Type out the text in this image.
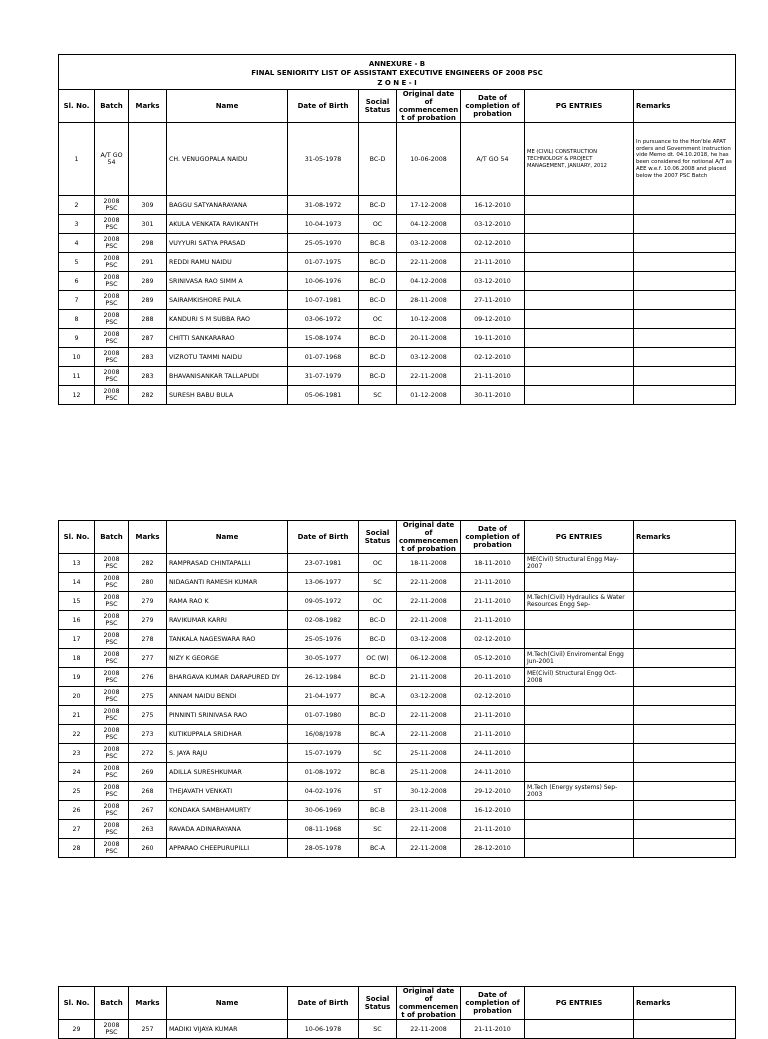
ANNEXURE - B
FINAL SENIORITY LIST OF ASSISTANT EXECUTIVE ENGINEERS OF 2008 PSC
Z O N E - I									

Sl. No.	Batch	Marks	Name	Date of Birth	Social Status	Original date of commencemen t of probation	Date of completion of probation	PG ENTRIES	Remarks
1	A/T GO 54		CH. VENUGOPALA NAIDU	31-05-1978	BC-D	10-06-2008	A/T GO 54	ME (CIVIL) CONSTRUCTION TECHNOLOGY & PROJECT MANAGEMENT, JANUARY, 2012	In pursuance to the Hon'ble APAT orders and Government instruction vide Memo dt. 04.10.2018, he has been considered for notional A/T as AEE w.e.f. 10.06.2008 and placed below the 2007 PSC Batch
2	2008 PSC	309	BAGGU SATYANARAYANA	31-08-1972	BC-D	17-12-2008	16-12-2010		
3	2008 PSC	301	AKULA VENKATA RAVIKANTH	10-04-1973	OC	04-12-2008	03-12-2010		
4	2008 PSC	298	VUYYURI SATYA PRASAD	25-05-1970	BC-B	03-12-2008	02-12-2010		
5	2008 PSC	291	REDDI RAMU NAIDU	01-07-1975	BC-D	22-11-2008	21-11-2010		
6	2008 PSC	289	SRINIVASA RAO SIMM A	10-06-1976	BC-D	04-12-2008	03-12-2010		
7	2008 PSC	289	SAIRAMKISHORE PAILA	10-07-1981	BC-D	28-11-2008	27-11-2010		
8	2008 PSC	288	KANDURI S M SUBBA RAO	03-06-1972	OC	10-12-2008	09-12-2010		
9	2008 PSC	287	CHITTI SANKARARAO	15-08-1974	BC-D	20-11-2008	19-11-2010		
10	2008 PSC	283	VIZROTU TAMMI NAIDU	01-07-1968	BC-D	03-12-2008	02-12-2010		
11	2008 PSC	283	BHAVANISANKAR TALLAPUDI	31-07-1979	BC-D	22-11-2008	21-11-2010		
12	2008 PSC	282	SURESH BABU BULA	05-06-1981	SC	01-12-2008	30-11-2010		
Sl. No.	Batch	Marks	Name	Date of Birth	Social Status	Original date of commencemen t of probation	Date of completion of probation	PG ENTRIES	Remarks
13	2008 PSC	282	RAMPRASAD CHINTAPALLI	23-07-1981	OC	18-11-2008	18-11-2010	ME(Civil) Structural Engg May-2007	
14	2008 PSC	280	NIDAGANTI RAMESH KUMAR	13-06-1977	SC	22-11-2008	21-11-2010		
15	2008 PSC	279	RAMA RAO K	09-05-1972	OC	22-11-2008	21-11-2010	M.Tech(Civil) Hydraulics & Water Resources Engg Sep-	
16	2008 PSC	279	RAVIKUMAR KARRI	02-08-1982	BC-D	22-11-2008	21-11-2010		
17	2008 PSC	278	TANKALA NAGESWARA RAO	25-05-1976	BC-D	03-12-2008	02-12-2010		
18	2008 PSC	277	NIZY K GEORGE	30-05-1977	OC (W)	06-12-2008	05-12-2010	M.Tech(Civil) Enviromental Engg Jun-2001	
19	2008 PSC	276	BHARGAVA KUMAR DARAPURED DY	26-12-1984	BC-D	21-11-2008	20-11-2010	ME(Civil) Structural Engg Oct-2008	
20	2008 PSC	275	ANNAM NAIDU BENDI	21-04-1977	BC-A	03-12-2008	02-12-2010		
21	2008 PSC	275	PINNINTI SRINIVASA RAO	01-07-1980	BC-D	22-11-2008	21-11-2010		
22	2008 PSC	273	KUTIKUPPALA SRIDHAR	16/08/1978	BC-A	22-11-2008	21-11-2010		
23	2008 PSC	272	S. JAYA RAJU	15-07-1979	SC	25-11-2008	24-11-2010		
24	2008 PSC	269	ADILLA SURESHKUMAR	01-08-1972	BC-B	25-11-2008	24-11-2010		
25	2008 PSC	268	THEJAVATH VENKATI	04-02-1976	ST	30-12-2008	29-12-2010	M.Tech (Energy systems) Sep-2003	
26	2008 PSC	267	KONDAKA SAMBHAMURTY	30-06-1969	BC-B	23-11-2008	16-12-2010		
27	2008 PSC	263	RAVADA ADINARAYANA	08-11-1968	SC	22-11-2008	21-11-2010		
28	2008 PSC	260	APPARAO CHEEPURUPILLI	28-05-1978	BC-A	22-11-2008	28-12-2010		
Sl. No.	Batch	Marks	Name	Date of Birth	Social Status	Original date of commencemen t of probation	Date of completion of probation	PG ENTRIES	Remarks
29	2008 PSC	257	MADIKI VIJAYA KUMAR	10-06-1978	SC	22-11-2008	21-11-2010		
